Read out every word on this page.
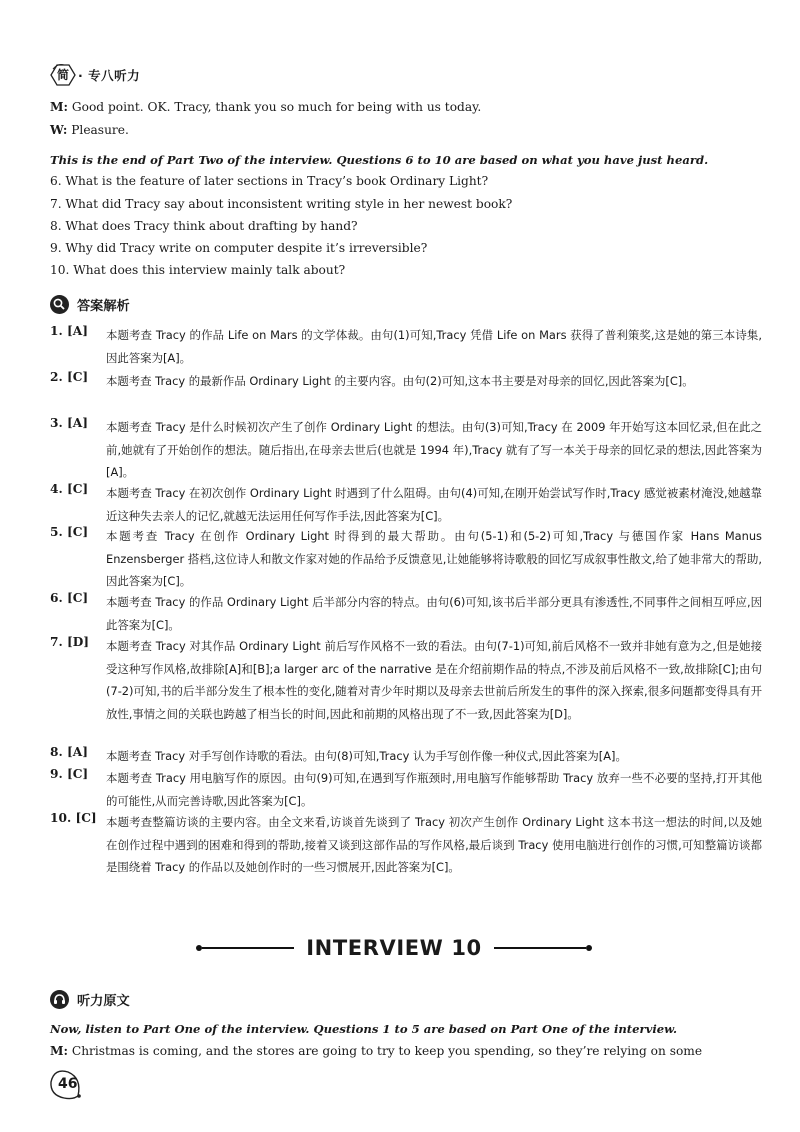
简 · 专八听力
M: Good point. OK. Tracy, thank you so much for being with us today.
W: Pleasure.
This is the end of Part Two of the interview. Questions 6 to 10 are based on what you have just heard.
6. What is the feature of later sections in Tracy’s book Ordinary Light?
7. What did Tracy say about inconsistent writing style in her newest book?
8. What does Tracy think about drafting by hand?
9. Why did Tracy write on computer despite it’s irreversible?
10. What does this interview mainly talk about?
答案解析
1. [A] 本题考查 Tracy 的作品 Life on Mars 的文学体裁。由句(1)可知,Tracy 凭借 Life on Mars 获得了普利策奖,这是她的第三本诗集,因此答案为[A]。
2. [C] 本题考查 Tracy 的最新作品 Ordinary Light 的主要内容。由句(2)可知,这本书主要是对母亲的回忆,因此答案为[C]。
3. [A] 本题考查 Tracy 是什么时候初次产生了创作 Ordinary Light 的想法。由句(3)可知,Tracy 在 2009 年开始写这本回忆录,但在此之前,她就有了开始创作的想法。随后指出,在母亲去世后(也就是 1994 年),Tracy 就有了写一本关于母亲的回忆录的想法,因此答案为[A]。
4. [C] 本题考查 Tracy 在初次创作 Ordinary Light 时遇到了什么阻碍。由句(4)可知,在刚开始尝试写作时,Tracy 感觉被素材淹没,她越靠近这种失去亲人的记忆,就越无法运用任何写作手法,因此答案为[C]。
5. [C] 本题考查 Tracy 在创作 Ordinary Light 时得到的最大帮助。由句(5-1)和(5-2)可知,Tracy 与德国作家 Hans Manus Enzensberger 搭档,这位诗人和散文作家对她的作品给予反馈意见,让她能够将诗歌般的回忆写成叙事性散文,给了她非常大的帮助,因此答案为[C]。
6. [C] 本题考查 Tracy 的作品 Ordinary Light 后半部分内容的特点。由句(6)可知,该书后半部分更具有渗透性,不同事件之间相互呼应,因此答案为[C]。
7. [D] 本题考查 Tracy 对其作品 Ordinary Light 前后写作风格不一致的看法。由句(7-1)可知,前后风格不一致并非她有意为之,但是她接受这种写作风格,故排除[A]和[B];a larger arc of the narrative 是在介绍前期作品的特点,不涉及前后风格不一致,故排除[C];由句(7-2)可知,书的后半部分发生了根本性的变化,随着对青少年时期以及母亲去世前后所发生的事件的深入探索,很多问题都变得具有开放性,事情之间的关联也跨越了相当长的时间,因此和前期的风格出现了不一致,因此答案为[D]。
8. [A] 本题考查 Tracy 对手写创作诗歌的看法。由句(8)可知,Tracy 认为手写创作像一种仪式,因此答案为[A]。
9. [C] 本题考查 Tracy 用电脑写作的原因。由句(9)可知,在遇到写作瓶颈时,用电脑写作能够帮助 Tracy 放弃一些不必要的坚持,打开其他的可能性,从而完善诗歌,因此答案为[C]。
10. [C] 本题考查整篇访谈的主要内容。由全文来看,访谈首先谈到了 Tracy 初次产生创作 Ordinary Light 这本书这一想法的时间,以及她在创作过程中遇到的困难和得到的帮助,接着又谈到这部作品的写作风格,最后谈到 Tracy 使用电脑进行创作的习惯,可知整篇访谈都是围绕着 Tracy 的作品以及她创作时的一些习惯展开,因此答案为[C]。
INTERVIEW 10
听力原文
Now, listen to Part One of the interview. Questions 1 to 5 are based on Part One of the interview.
M: Christmas is coming, and the stores are going to try to keep you spending, so they’re relying on some
46
